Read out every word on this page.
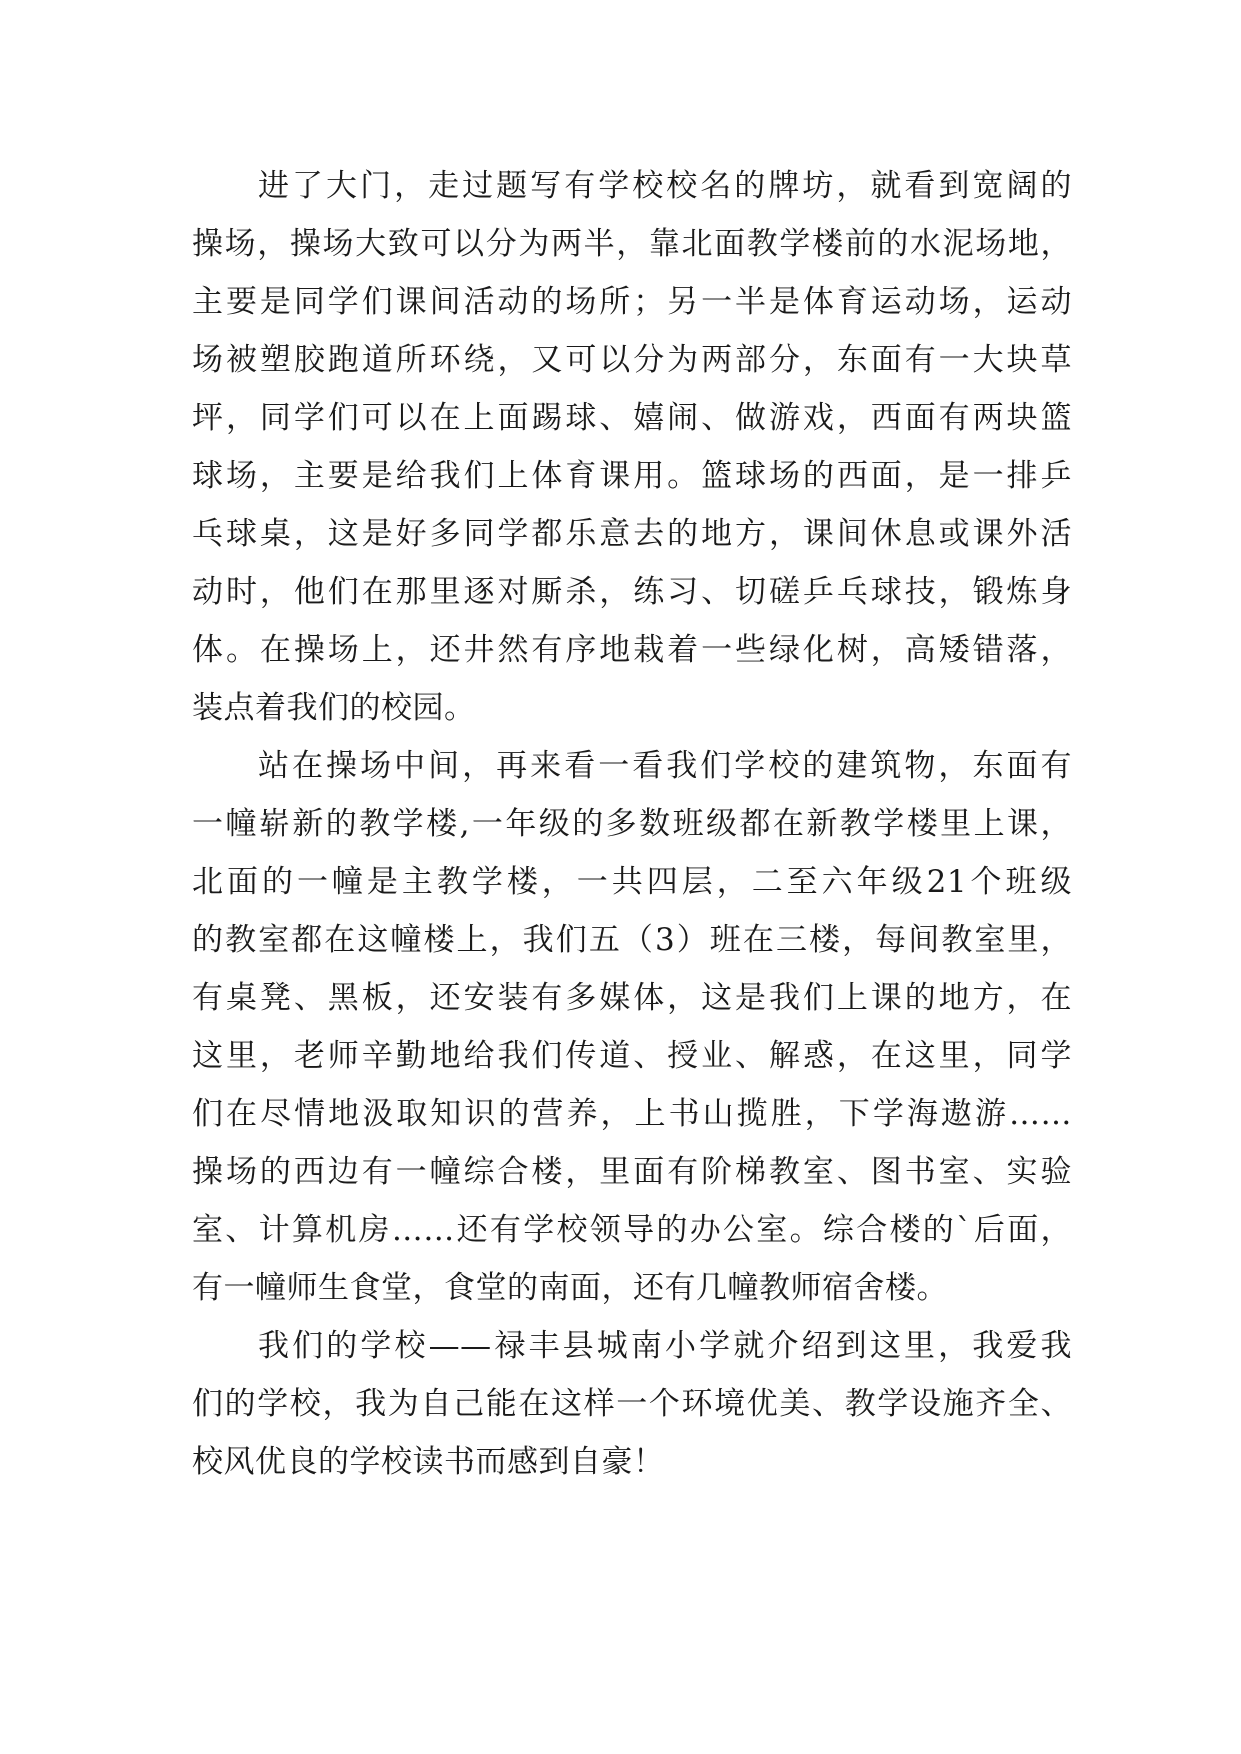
进了大门，走过题写有学校校名的牌坊，就看到宽阔的
操场，操场大致可以分为两半，靠北面教学楼前的水泥场地，
主要是同学们课间活动的场所；另一半是体育运动场，运动
场被塑胶跑道所环绕，又可以分为两部分，东面有一大块草
坪，同学们可以在上面踢球、嬉闹、做游戏，西面有两块篮
球场，主要是给我们上体育课用。篮球场的西面，是一排乒
乓球桌，这是好多同学都乐意去的地方，课间休息或课外活
动时，他们在那里逐对厮杀，练习、切磋乒乓球技，锻炼身
体。在操场上，还井然有序地栽着一些绿化树，高矮错落，
装点着我们的校园。
站在操场中间，再来看一看我们学校的建筑物，东面有
一幢崭新的教学楼,一年级的多数班级都在新教学楼里上课，
北面的一幢是主教学楼，一共四层，二至六年级21个班级
的教室都在这幢楼上，我们五（3）班在三楼，每间教室里，
有桌凳、黑板，还安装有多媒体，这是我们上课的地方，在
这里，老师辛勤地给我们传道、授业、解惑，在这里，同学
们在尽情地汲取知识的营养，上书山揽胜，下学海遨游……
操场的西边有一幢综合楼，里面有阶梯教室、图书室、实验
室、计算机房……还有学校领导的办公室。综合楼的`后面，
有一幢师生食堂，食堂的南面，还有几幢教师宿舍楼。
我们的学校——禄丰县城南小学就介绍到这里，我爱我
们的学校，我为自己能在这样一个环境优美、教学设施齐全、
校风优良的学校读书而感到自豪！
